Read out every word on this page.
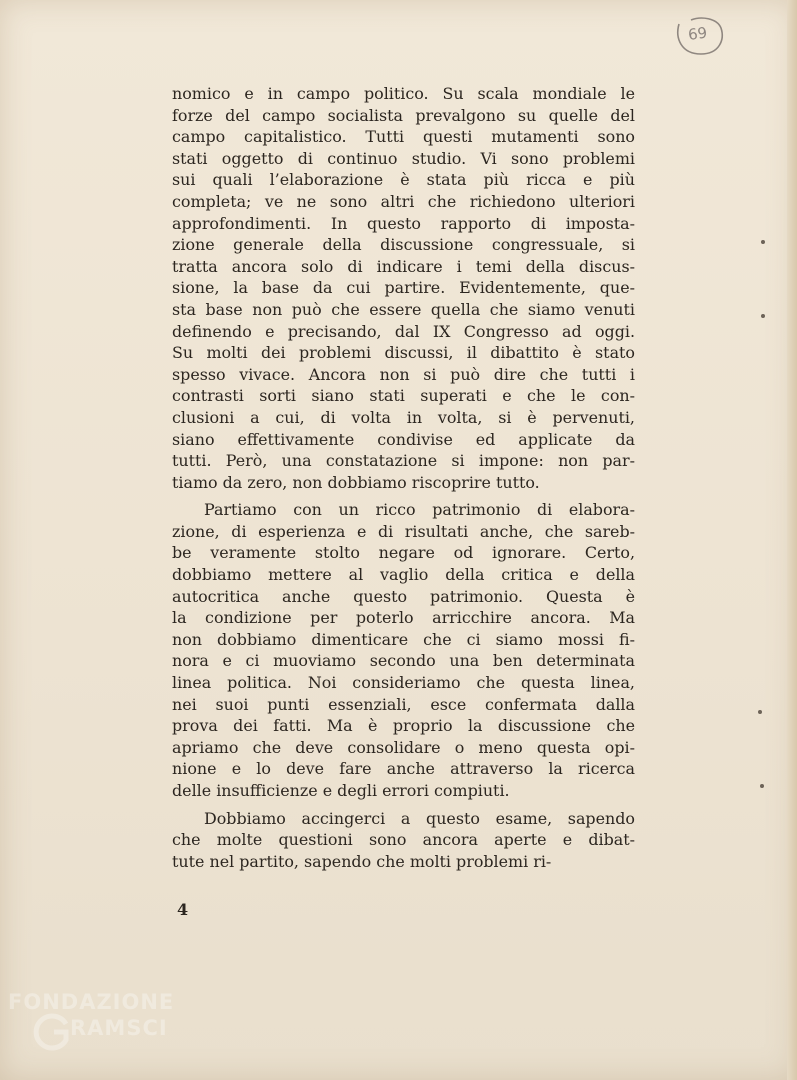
69
nomico e in campo politico. Su scala mondiale le
forze del campo socialista prevalgono su quelle del
campo capitalistico. Tutti questi mutamenti sono
stati oggetto di continuo studio. Vi sono problemi
sui quali l’elaborazione è stata più ricca e più
completa; ve ne sono altri che richiedono ulteriori
approfondimenti. In questo rapporto di imposta-
zione generale della discussione congressuale, si
tratta ancora solo di indicare i temi della discus-
sione, la base da cui partire. Evidentemente, que-
sta base non può che essere quella che siamo venuti
definendo e precisando, dal IX Congresso ad oggi.
Su molti dei problemi discussi, il dibattito è stato
spesso vivace. Ancora non si può dire che tutti i
contrasti sorti siano stati superati e che le con-
clusioni a cui, di volta in volta, si è pervenuti,
siano effettivamente condivise ed applicate da
tutti. Però, una constatazione si impone: non par-
tiamo da zero, non dobbiamo riscoprire tutto.
Partiamo con un ricco patrimonio di elabora-
zione, di esperienza e di risultati anche, che sareb-
be veramente stolto negare od ignorare. Certo,
dobbiamo mettere al vaglio della critica e della
autocritica anche questo patrimonio. Questa è
la condizione per poterlo arricchire ancora. Ma
non dobbiamo dimenticare che ci siamo mossi fi-
nora e ci muoviamo secondo una ben determinata
linea politica. Noi consideriamo che questa linea,
nei suoi punti essenziali, esce confermata dalla
prova dei fatti. Ma è proprio la discussione che
apriamo che deve consolidare o meno questa opi-
nione e lo deve fare anche attraverso la ricerca
delle insufficienze e degli errori compiuti.
Dobbiamo accingerci a questo esame, sapendo
che molte questioni sono ancora aperte e dibat-
tute nel partito, sapendo che molti problemi ri-
4
FONDAZIONE
RAMSCI
